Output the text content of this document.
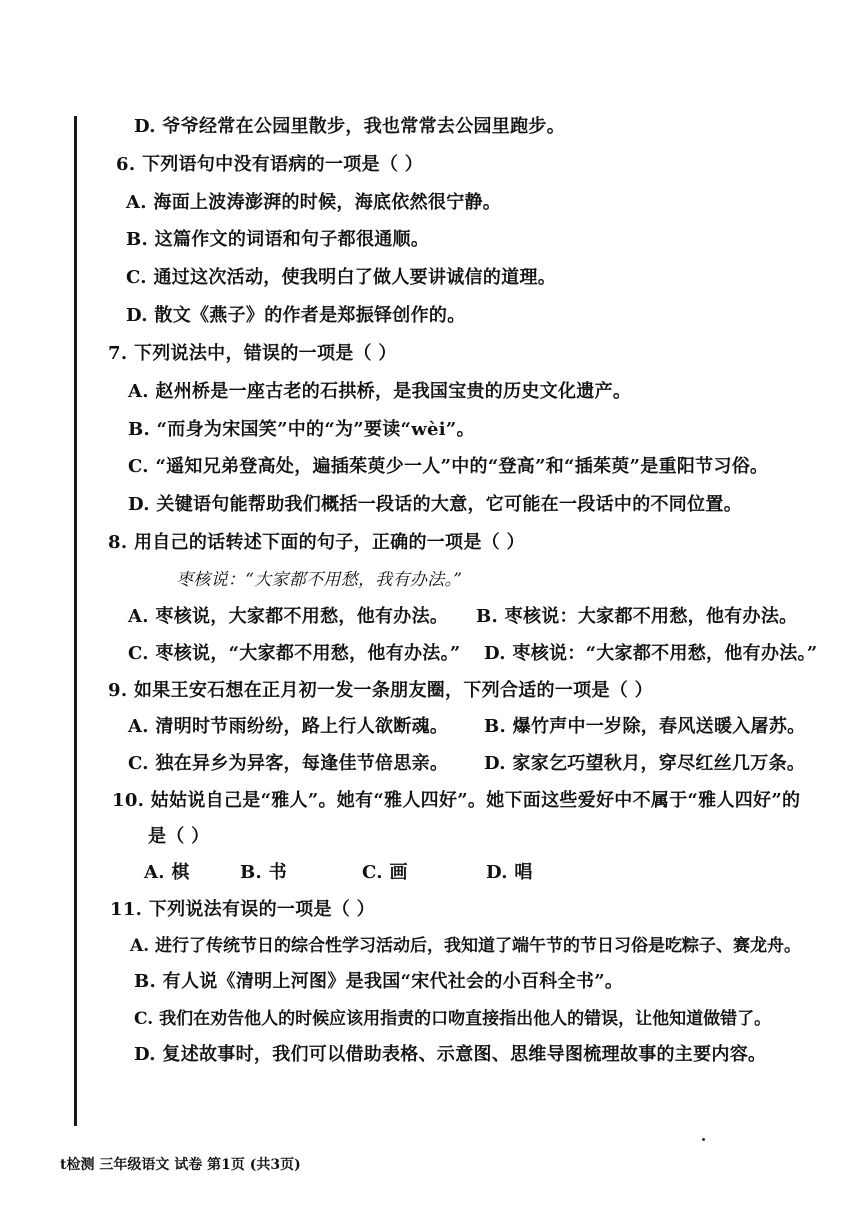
D. 爷爷经常在公园里散步，我也常常去公园里跑步。
6. 下列语句中没有语病的一项是（ ）
A. 海面上波涛澎湃的时候，海底依然很宁静。
B. 这篇作文的词语和句子都很通顺。
C. 通过这次活动，使我明白了做人要讲诚信的道理。
D. 散文《燕子》的作者是郑振铎创作的。
7. 下列说法中，错误的一项是（ ）
A. 赵州桥是一座古老的石拱桥，是我国宝贵的历史文化遗产。
B. “而身为宋国笑”中的“为”要读“wèi”。
C. “遥知兄弟登高处，遍插茱萸少一人”中的“登高”和“插茱萸”是重阳节习俗。
D. 关键语句能帮助我们概括一段话的大意，它可能在一段话中的不同位置。
8. 用自己的话转述下面的句子，正确的一项是（ ）
枣核说：“大家都不用愁，我有办法。”
A. 枣核说，大家都不用愁，他有办法。 B. 枣核说：大家都不用愁，他有办法。
C. 枣核说，“大家都不用愁，他有办法。” D. 枣核说：“大家都不用愁，他有办法。”
9. 如果王安石想在正月初一发一条朋友圈，下列合适的一项是（ ）
A. 清明时节雨纷纷，路上行人欲断魂。 B. 爆竹声中一岁除，春风送暖入屠苏。
C. 独在异乡为异客，每逢佳节倍思亲。 D. 家家乞巧望秋月，穿尽红丝几万条。
10. 姑姑说自己是“雅人”。她有“雅人四好”。她下面这些爱好中不属于“雅人四好”的
是（ ）
A. 棋	B. 书	C. 画	D. 唱
11. 下列说法有误的一项是（ ）
A. 进行了传统节日的综合性学习活动后，我知道了端午节的节日习俗是吃粽子、赛龙舟。
B. 有人说《清明上河图》是我国“宋代社会的小百科全书”。
C. 我们在劝告他人的时候应该用指责的口吻直接指出他人的错误，让他知道做错了。
D. 复述故事时，我们可以借助表格、示意图、思维导图梳理故事的主要内容。
t检测 三年级语文 试卷 第1页 (共3页)
